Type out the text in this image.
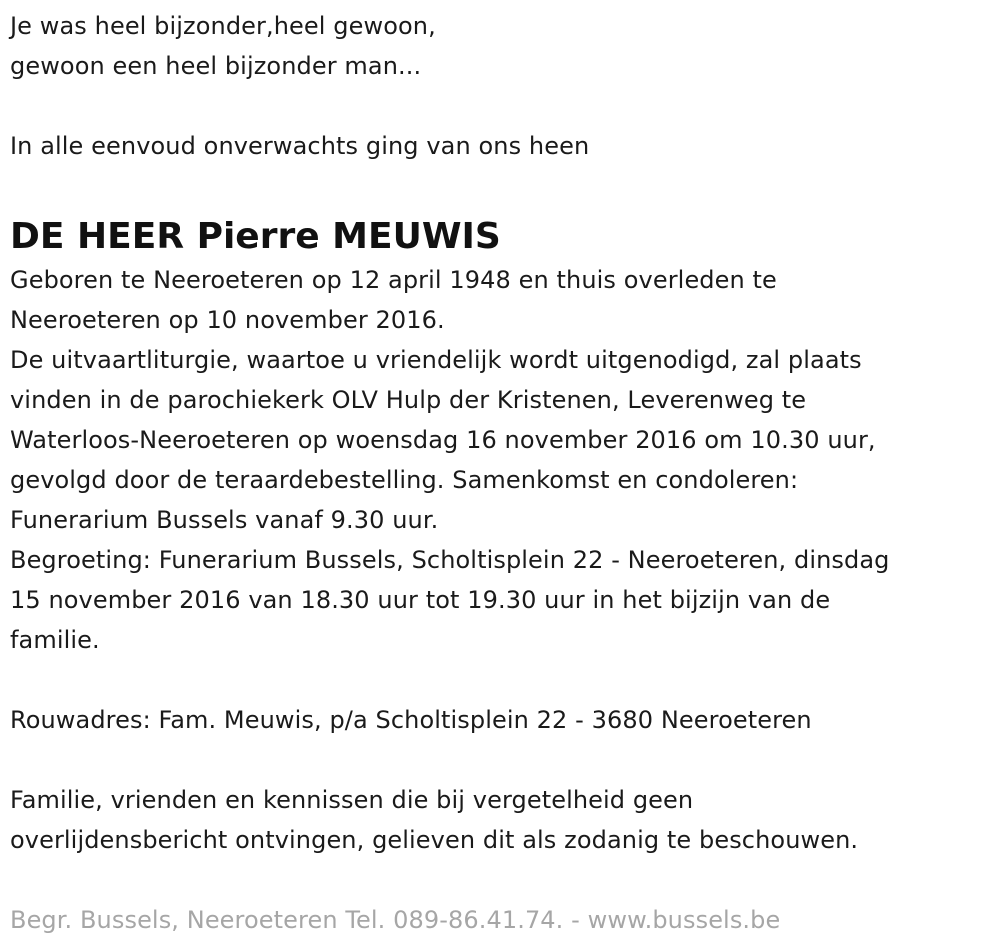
Je was heel bijzonder,heel gewoon,
gewoon een heel bijzonder man...
In alle eenvoud onverwachts ging van ons heen
DE HEER Pierre MEUWIS
Geboren te Neeroeteren op 12 april 1948 en thuis overleden te
Neeroeteren op 10 november 2016.
De uitvaartliturgie, waartoe u vriendelijk wordt uitgenodigd, zal plaats
vinden in de parochiekerk OLV Hulp der Kristenen, Leverenweg te
Waterloos-Neeroeteren op woensdag 16 november 2016 om 10.30 uur,
gevolgd door de teraardebestelling. Samenkomst en condoleren:
Funerarium Bussels vanaf 9.30 uur.
Begroeting: Funerarium Bussels, Scholtisplein 22 - Neeroeteren, dinsdag
15 november 2016 van 18.30 uur tot 19.30 uur in het bijzijn van de
familie.
Rouwadres: Fam. Meuwis, p/a Scholtisplein 22 - 3680 Neeroeteren
Familie, vrienden en kennissen die bij vergetelheid geen
overlijdensbericht ontvingen, gelieven dit als zodanig te beschouwen.
Begr. Bussels, Neeroeteren Tel. 089-86.41.74. - www.bussels.be
